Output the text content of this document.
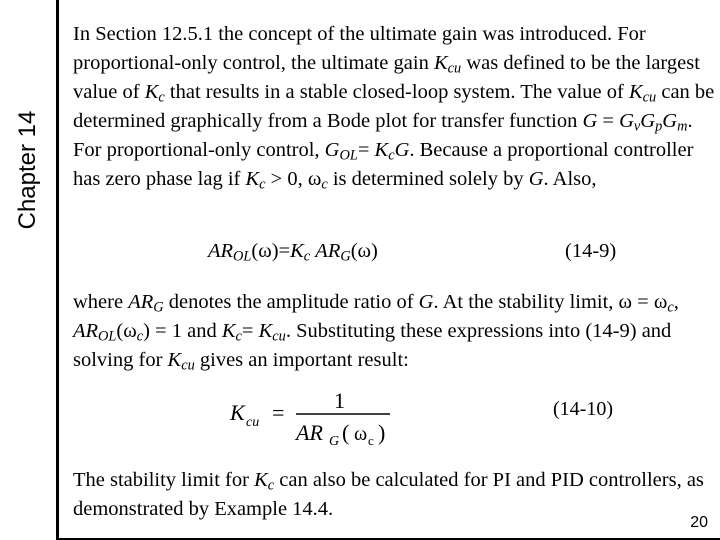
Chapter 14
In Section 12.5.1 the concept of the ultimate gain was introduced. For proportional-only control, the ultimate gain $K_{cu}$ was defined to be the largest value of $K_c$ that results in a stable closed-loop system. The value of $K_{cu}$ can be determined graphically from a Bode plot for transfer function $G = G_vG_pG_m$. For proportional-only control, $G_{OL}= K_cG$. Because a proportional controller has zero phase lag if $K_c > 0$, $\omega_c$ is determined solely by G. Also,
$AR_{OL}(\omega)=K_c$ $AR_G(\omega)$	(14-9)
where $AR_G$ denotes the amplitude ratio of G. At the stability limit, $\omega = \omega_c$, $AR_{OL}(\omega_c) = 1$ and $K_c= K_{cu}$. Substituting these expressions into (14-9) and solving for $K_{cu}$ gives an important result:
K cu = 1
AR G ( ω c )
(14-10)
The stability limit for $K_c$ can also be calculated for PI and PID controllers, as demonstrated by Example 14.4.
20
